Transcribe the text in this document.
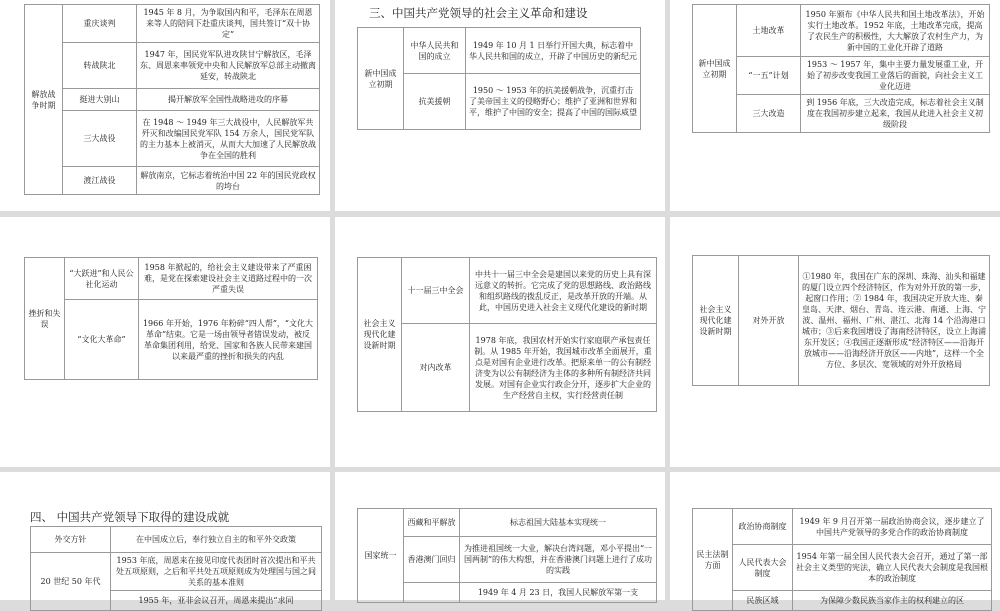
解放战争时期	重庆谈判	1945 年 8 月，为争取国内和平，毛泽东在周恩来等人的陪同下赴重庆谈判，国共签订“双十协定”
	转战陕北	1947 年，国民党军队进攻陕甘宁解放区，毛泽东、周恩来率领党中央和人民解放军总部主动撤离延安，转战陕北
	挺进大别山	揭开解放军全国性战略进攻的序幕
	三大战役	在 1948 ～ 1949 年三大战役中，人民解放军共歼灭和改编国民党军队 154 万余人，国民党军队的主力基本上被消灭，从而大大加速了人民解放战争在全国的胜利
	渡江战役	解放南京，它标志着统治中国 22 年的国民党政权的垮台
三、中国共产党领导的社会主义革命和建设
新中国成立初期	中华人民共和国的成立	1949 年 10 月 1 日举行开国大典，标志着中华人民共和国的成立，开辟了中国历史的新纪元
	抗美援朝	1950 ～ 1953 年的抗美援朝战争，沉重打击了美帝国主义的侵略野心；维护了亚洲和世界和平，维护了中国的安全；提高了中国的国际威望
新中国成立初期	土地改革	1950 年颁布《中华人民共和国土地改革法》，开始实行土地改革。1952 年底，土地改革完成，提高了农民生产的积极性，大大解放了农村生产力，为新中国的工业化开辟了道路
	“一五”计划	1953 ～ 1957 年，集中主要力量发展重工业，开始了初步改变我国工业落后的面貌，向社会主义工业化迈进
	三大改造	到 1956 年底，三大改造完成，标志着社会主义制度在我国初步建立起来，我国从此进入社会主义初级阶段
挫折和失误	“大跃进”和人民公社化运动	1958 年掀起的，给社会主义建设带来了严重困难，是党在探索建设社会主义道路过程中的一次严重失误
	“文化大革命”	1966 年开始，1976 年粉碎“四人帮”，“文化大革命”结束。它是一场由领导者错误发动，被反革命集团利用，给党、国家和各族人民带来建国以来最严重的挫折和损失的内乱
社会主义现代化建设新时期	十一届三中全会	中共十一届三中全会是建国以来党的历史上具有深远意义的转折。它完成了党的思想路线、政治路线和组织路线的拨乱反正，是改革开放的开端。从此，中国历史进入社会主义现代化建设的新时期
	对内改革	1978 年底，我国农村开始实行家庭联产承包责任制。从 1985 年开始，我国城市改革全面展开，重点是对国有企业进行改革。把原来单一的公有制经济变为以公有制经济为主体的多种所有制经济共同发展。对国有企业实行政企分开，逐步扩大企业的生产经营自主权，实行经营责任制
社会主义现代化建设新时期	对外开放	①1980 年，我国在广东的深圳、珠海、汕头和福建的厦门设立四个经济特区，作为对外开放的第一步，起窗口作用；② 1984 年，我国决定开放大连、秦皇岛、天津、烟台、青岛、连云港、南通、上海、宁波、温州、福州、广州、湛江、北海 14 个沿海港口城市；③后来我国增设了海南经济特区，设立上海浦东开发区；④我国正逐渐形成“经济特区——沿海开放城市——沿海经济开放区——内地”，这样一个全方位、多层次、宽领域的对外开放格局
四、 中国共产党领导下取得的建设成就
外交方针	在中国成立后，奉行独立自主的和平外交政策
20 世纪 50 年代	1953 年底，周恩来在接见印度代表团时首次提出和平共处五项原则，之后和平共处五项原则成为处理国与国之间关系的基本准则
	1955 年，亚非会议召开，周恩来提出“求同
国家统一	西藏和平解放	标志祖国大陆基本实现统一
	香港澳门回归	为推进祖国统一大业，解决台湾问题，邓小平提出“一国两制”的伟大构想，并在香港澳门问题上进行了成功的实践
		1949 年 4 月 23 日，我国人民解放军第一支
民主法制方面	政治协商制度	1949 年 9 月召开第一届政治协商会议，逐步建立了中国共产党领导的多党合作的政治协商制度
	人民代表大会制度	1954 年第一届全国人民代表大会召开，通过了第一部社会主义类型的宪法，确立人民代表大会制度是我国根本的政治制度
	民族区域	为保障少数民族当家作主的权利建立的区
